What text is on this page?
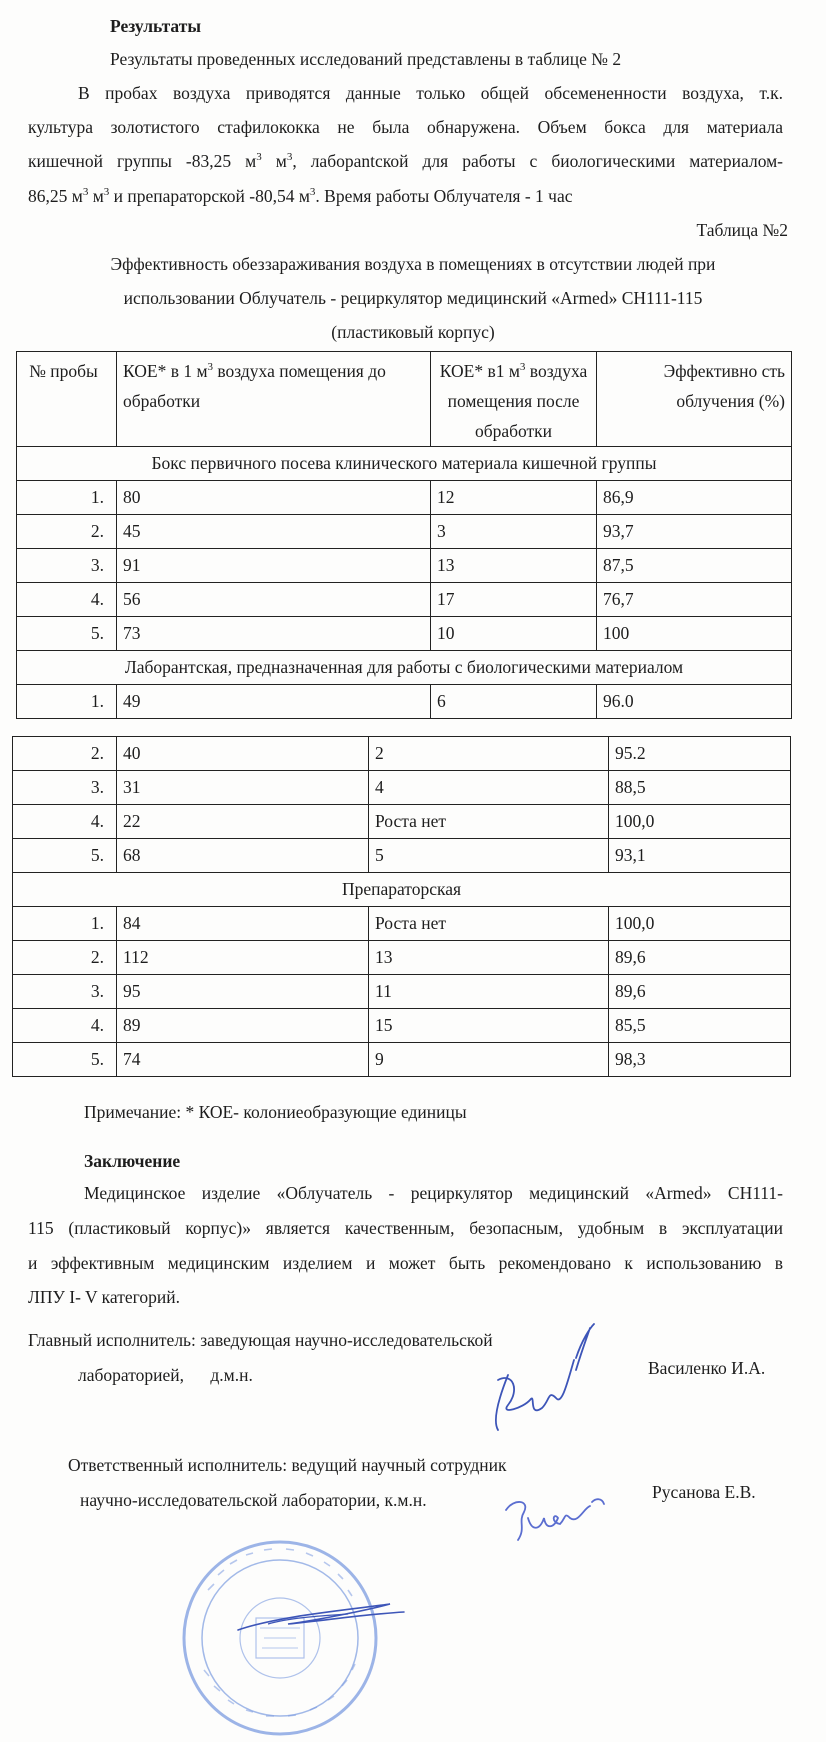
Результаты
Результаты проведенных исследований представлены в таблице № 2
В пробах воздуха приводятся данные только общей обсемененности воздуха, т.к.
культура золотистого стафилококка не была обнаружена. Объем бокса для материала
кишечной группы -83,25 $м^3$ $м^3$, лабораntской для работы с биологическими материалом-
86,25 $м^3$ $м^3$ и препараторской -80,54 $м^3$. Время работы Облучателя - 1 час
Таблица №2
Эффективность обеззараживания воздуха в помещениях в отсутствии людей при
использовании Облучатель - рециркулятор медицинский «Armed» СН111-115
(пластиковый корпус)
№ пробы	КОЕ* в 1 $м^3$ воздуха помещения до обработки	КОЕ* в1 $м^3$ воздуха помещения после обработки	Эффективно сть облучения (%)
Бокс первичного посева клинического материала кишечной группы			
1.	80	12	86,9
2.	45	3	93,7
3.	91	13	87,5
4.	56	17	76,7
5.	73	10	100
Лаборантская, предназначенная для работы с биологическими материалом			
1.	49	6	96.0
2.	40	2	95.2
3.	31	4	88,5
4.	22	Роста нет	100,0
5.	68	5	93,1
Препараторская			
1.	84	Роста нет	100,0
2.	112	13	89,6
3.	95	11	89,6
4.	89	15	85,5
5.	74	9	98,3
Примечание: * КОЕ- колониеобразующие единицы
Заключение
Медицинское изделие «Облучатель - рециркулятор медицинский «Armed» СН111-
115 (пластиковый корпус)» является качественным, безопасным, удобным в эксплуатации
и эффективным медицинским изделием и может быть рекомендовано к использованию в
ЛПУ I- V категорий.
Главный исполнитель: заведующая научно-исследовательской
лабораторией, д.м.н.	Василенко И.А.
Ответственный исполнитель: ведущий научный сотрудник
научно-исследовательской лаборатории, к.м.н.	Русанова Е.В.
